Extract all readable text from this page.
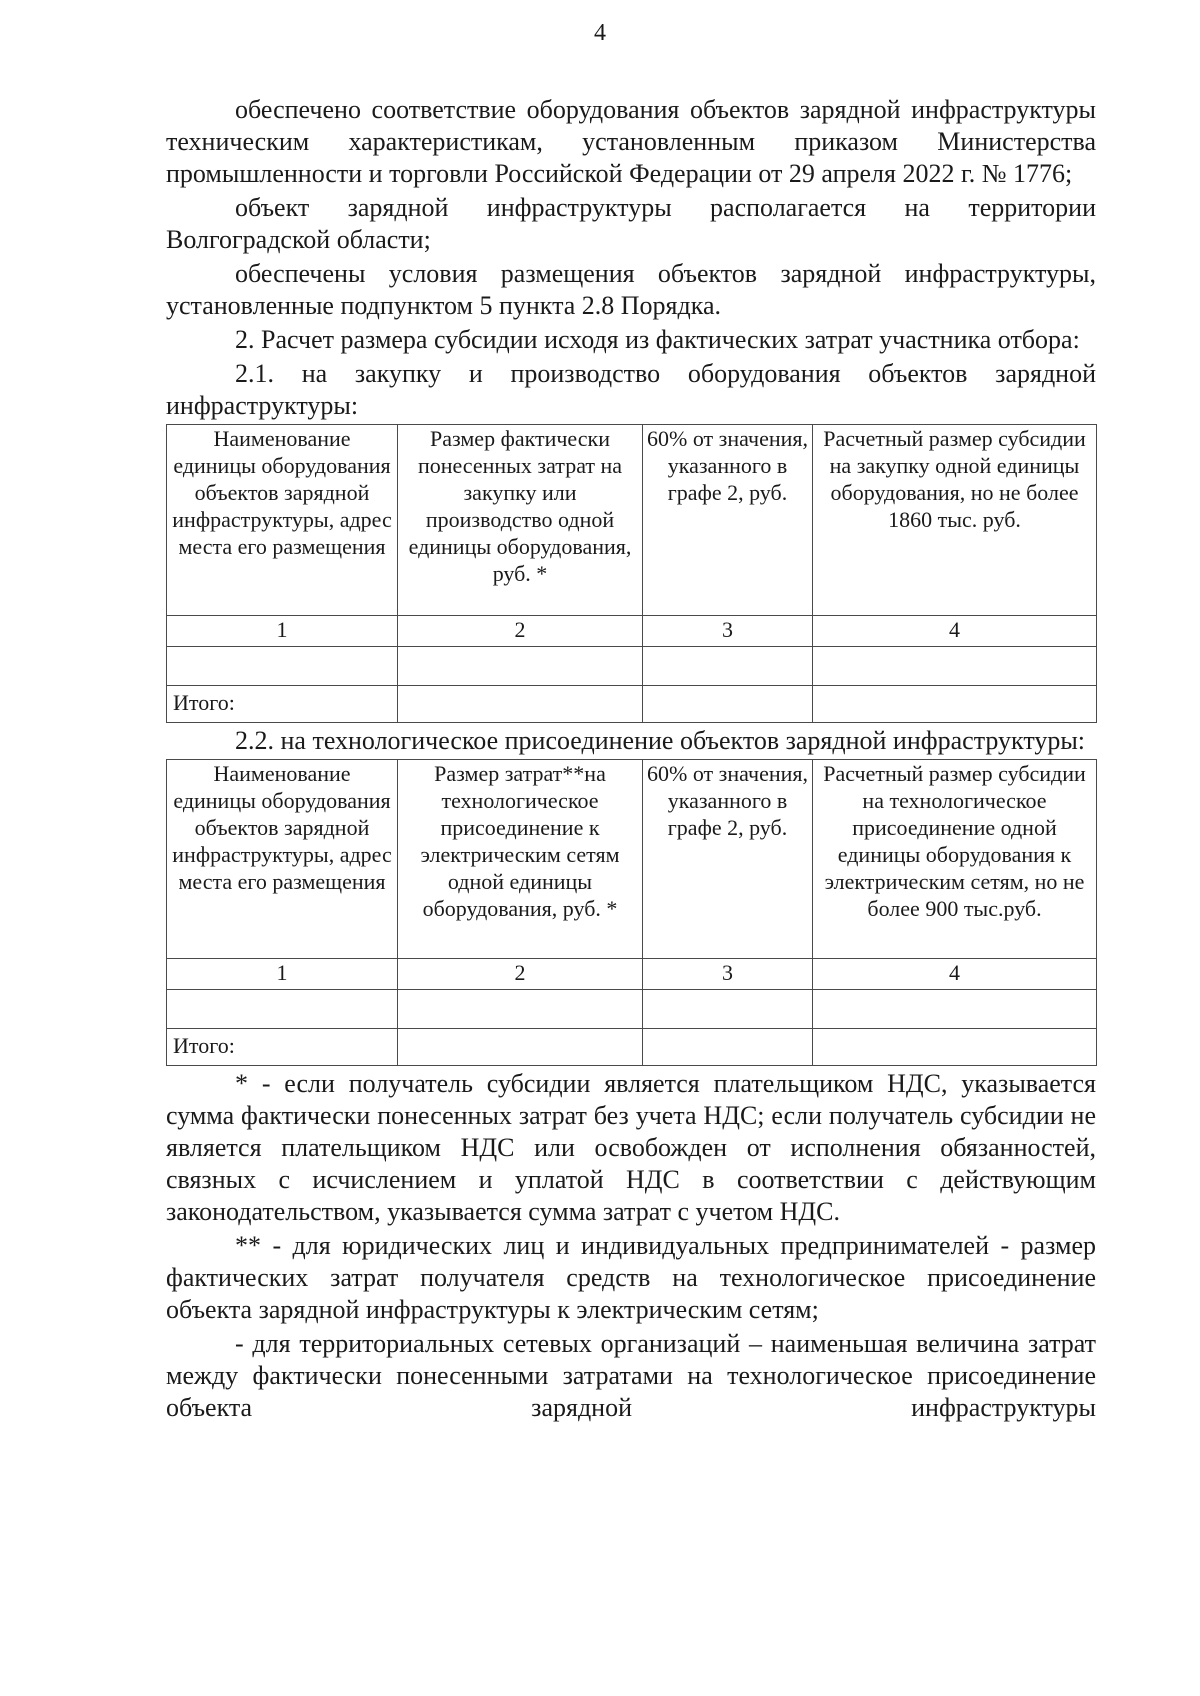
4

обеспечено соответствие оборудования объектов зарядной инфраструктуры техническим характеристикам, установленным приказом Министерства промышленности и торговли Российской Федерации от 29 апреля 2022 г. № 1776;

объект зарядной инфраструктуры располагается на территории Волгоградской области;

обеспечены условия размещения объектов зарядной инфраструктуры, установленные подпунктом 5 пункта 2.8 Порядка.

2. Расчет размера субсидии исходя из фактических затрат участника отбора:

2.1. на закупку и производство оборудования объектов зарядной инфраструктуры:

Наименование единицы оборудования объектов зарядной инфраструктуры, адрес места его размещения	Размер фактически понесенных затрат на закупку или производство одной единицы оборудования, руб. *	60% от значения, указанного в графе 2, руб.	Расчетный размер субсидии на закупку одной единицы оборудования, но не более 1860 тыс. руб.
1	2	3	4

Итого:			

2.2. на технологическое присоединение объектов зарядной инфраструктуры:

Наименование единицы оборудования объектов зарядной инфраструктуры, адрес места его размещения	Размер затрат**на технологическое присоединение к электрическим сетям одной единицы оборудования, руб. *	60% от значения, указанного в графе 2, руб.	Расчетный размер субсидии на технологическое присоединение одной единицы оборудования к электрическим сетям, но не более 900 тыс.руб.
1	2	3	4

Итого:			

* - если получатель субсидии является плательщиком НДС, указывается сумма фактически понесенных затрат без учета НДС; если получатель субсидии не является плательщиком НДС или освобожден от исполнения обязанностей, связных с исчислением и уплатой НДС в соответствии с действующим законодательством, указывается сумма затрат с учетом НДС.

** - для юридических лиц и индивидуальных предпринимателей - размер фактических затрат получателя средств на технологическое присоединение объекта зарядной инфраструктуры к электрическим сетям;

- для территориальных сетевых организаций – наименьшая величина затрат между фактически понесенными затратами на технологическое присоединение объекта зарядной инфраструктуры
